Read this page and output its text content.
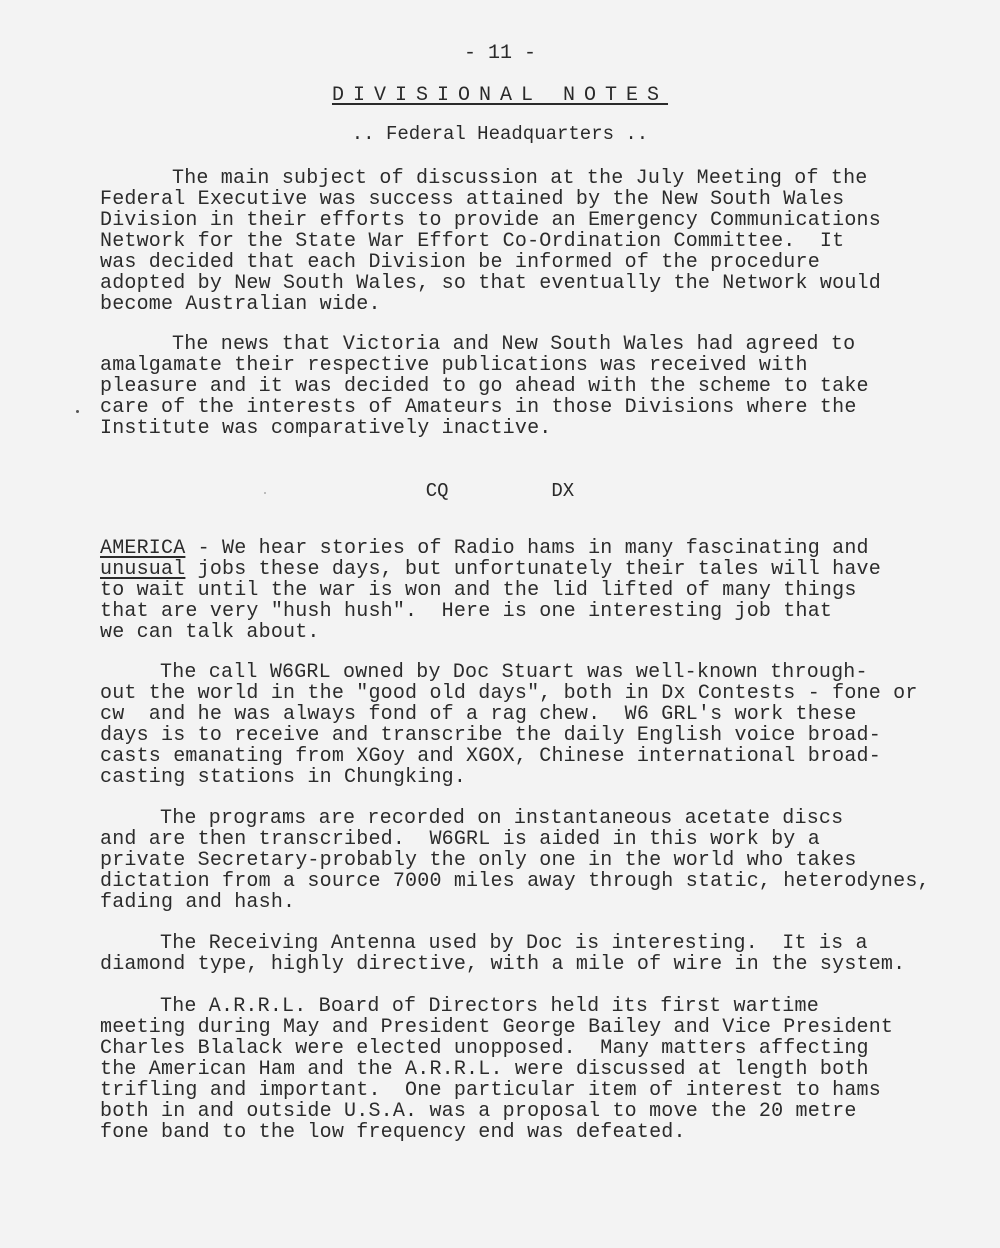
- 11 -
DIVISIONAL NOTES
.. Federal Headquarters ..
The main subject of discussion at the July Meeting of the
Federal Executive was success attained by the New South Wales
Division in their efforts to provide an Emergency Communications
Network for the State War Effort Co-Ordination Committee.  It
was decided that each Division be informed of the procedure
adopted by New South Wales, so that eventually the Network would
become Australian wide.
The news that Victoria and New South Wales had agreed to
amalgamate their respective publications was received with
pleasure and it was decided to go ahead with the scheme to take
care of the interests of Amateurs in those Divisions where the
Institute was comparatively inactive.
CQ  DX
AMERICA - We hear stories of Radio hams in many fascinating and
unusual jobs these days, but unfortunately their tales will have
to wait until the war is won and the lid lifted of many things
that are very "hush hush".  Here is one interesting job that
we can talk about.
The call W6GRL owned by Doc Stuart was well-known through-
out the world in the "good old days", both in Dx Contests - fone or
cw  and he was always fond of a rag chew.  W6 GRL's work these
days is to receive and transcribe the daily English voice broad-
casts emanating from XGoy and XGOX, Chinese international broad-
casting stations in Chungking.
The programs are recorded on instantaneous acetate discs
and are then transcribed.  W6GRL is aided in this work by a
private Secretary-probably the only one in the world who takes
dictation from a source 7000 miles away through static, heterodynes,
fading and hash.
The Receiving Antenna used by Doc is interesting.  It is a
diamond type, highly directive, with a mile of wire in the system.
The A.R.R.L. Board of Directors held its first wartime
meeting during May and President George Bailey and Vice President
Charles Blalack were elected unopposed.  Many matters affecting
the American Ham and the A.R.R.L. were discussed at length both
trifling and important.  One particular item of interest to hams
both in and outside U.S.A. was a proposal to move the 20 metre
fone band to the low frequency end was defeated.
